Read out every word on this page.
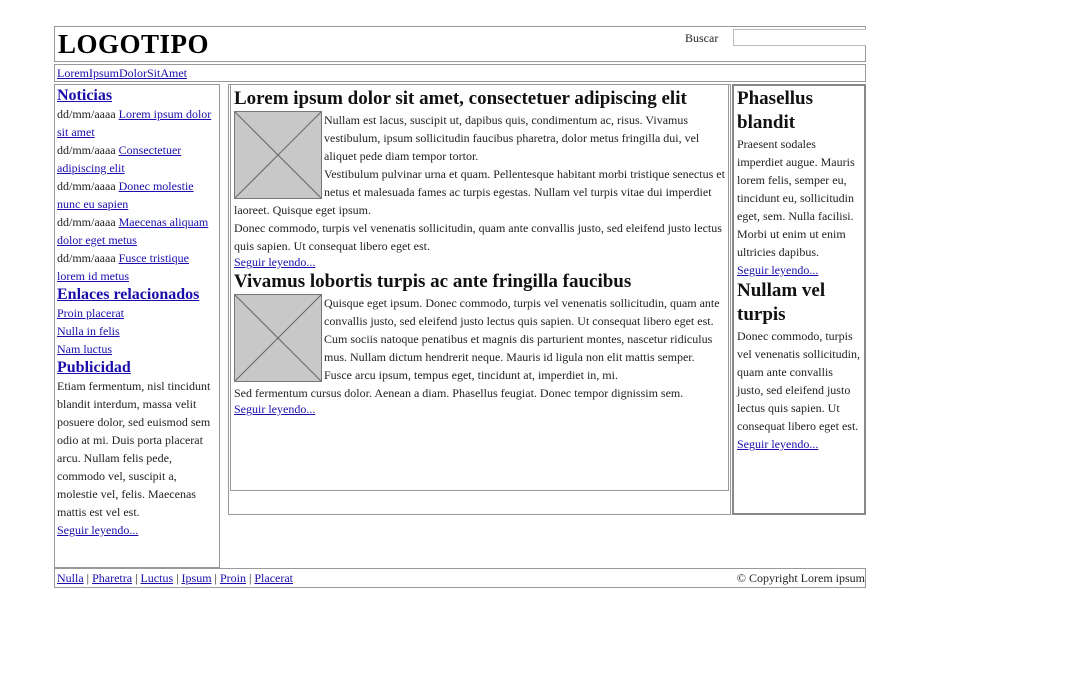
LOGOTIPO	Buscar
LoremIpsumDolorSitAmet
Noticias
dd/mm/aaaa Lorem ipsum dolor sit amet
dd/mm/aaaa Consectetuer adipiscing elit
dd/mm/aaaa Donec molestie nunc eu sapien
dd/mm/aaaa Maecenas aliquam dolor eget metus
dd/mm/aaaa Fusce tristique lorem id metus
Enlaces relacionados
Proin placerat
Nulla in felis
Nam luctus
Publicidad
Etiam fermentum, nisl tincidunt blandit interdum, massa velit posuere dolor, sed euismod sem odio at mi. Duis porta placerat arcu. Nullam felis pede, commodo vel, suscipit a, molestie vel, felis. Maecenas mattis est vel est.
Seguir leyendo...
Lorem ipsum dolor sit amet, consectetuer adipiscing elit
Nullam est lacus, suscipit ut, dapibus quis, condimentum ac, risus. Vivamus vestibulum, ipsum sollicitudin faucibus pharetra, dolor metus fringilla dui, vel aliquet pede diam tempor tortor.
Vestibulum pulvinar urna et quam. Pellentesque habitant morbi tristique senectus et netus et malesuada fames ac turpis egestas. Nullam vel turpis vitae dui imperdiet laoreet. Quisque eget ipsum.
Donec commodo, turpis vel venenatis sollicitudin, quam ante convallis justo, sed eleifend justo lectus quis sapien. Ut consequat libero eget est.
Seguir leyendo...
Vivamus lobortis turpis ac ante fringilla faucibus
Quisque eget ipsum. Donec commodo, turpis vel venenatis sollicitudin, quam ante convallis justo, sed eleifend justo lectus quis sapien. Ut consequat libero eget est.
Cum sociis natoque penatibus et magnis dis parturient montes, nascetur ridiculus mus. Nullam dictum hendrerit neque. Mauris id ligula non elit mattis semper. Fusce arcu ipsum, tempus eget, tincidunt at, imperdiet in, mi.
Sed fermentum cursus dolor. Aenean a diam. Phasellus feugiat. Donec tempor dignissim sem.
Seguir leyendo...
Phasellus blandit
Praesent sodales imperdiet augue. Mauris lorem felis, semper eu, tincidunt eu, sollicitudin eget, sem. Nulla facilisi. Morbi ut enim ut enim ultricies dapibus.
Seguir leyendo...
Nullam vel turpis
Donec commodo, turpis vel venenatis sollicitudin, quam ante convallis justo, sed eleifend justo lectus quis sapien. Ut consequat libero eget est.
Seguir leyendo...
Nulla | Pharetra | Luctus | Ipsum | Proin | Placerat	© Copyright Lorem ipsum
